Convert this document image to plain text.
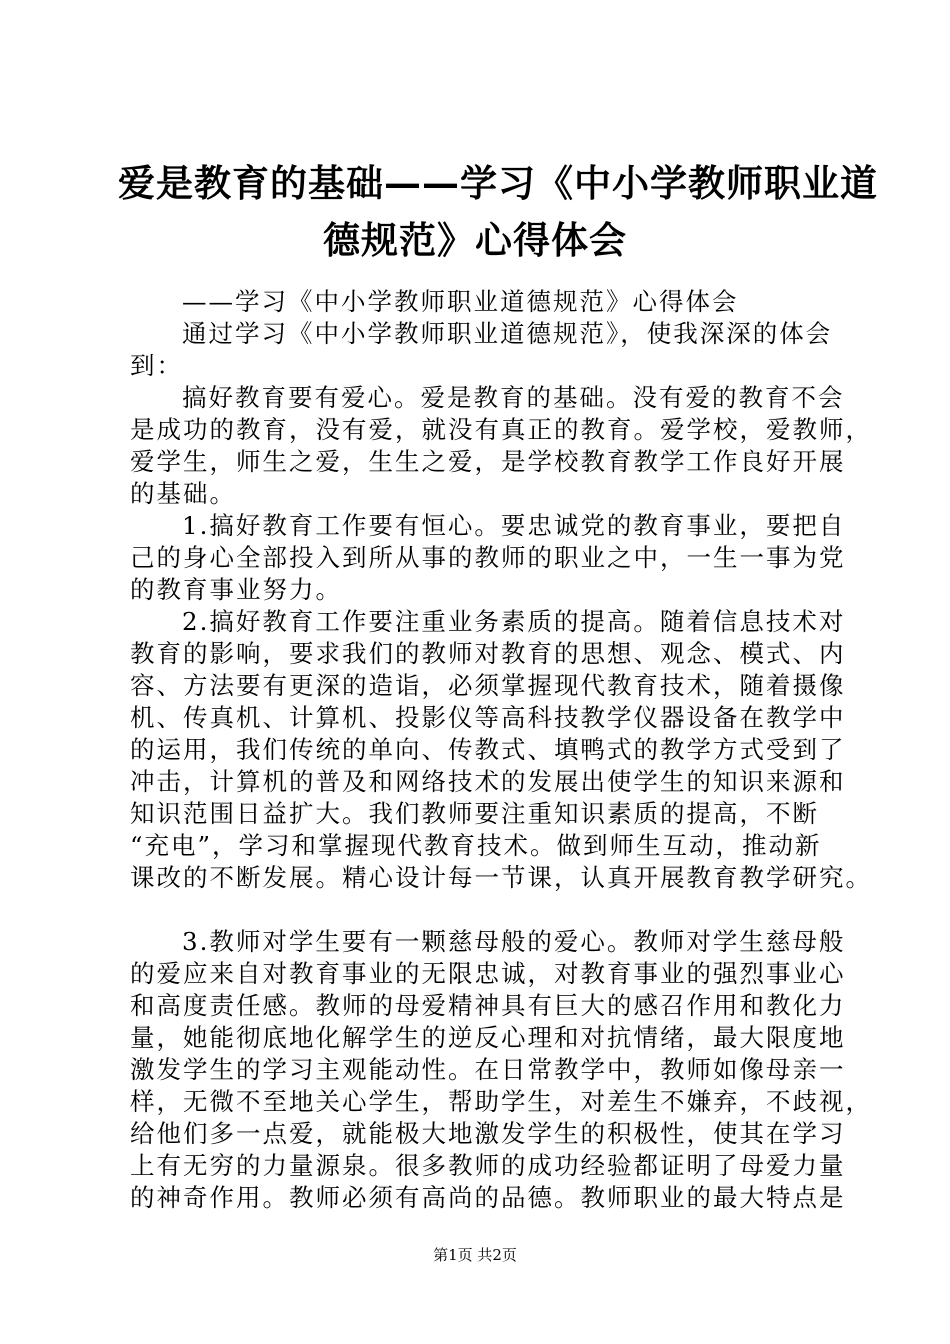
爱是教育的基础——学习《中小学教师职业道
德规范》心得体会
——学习《中小学教师职业道德规范》心得体会
通过学习《中小学教师职业道德规范》，使我深深的体会
到：
搞好教育要有爱心。爱是教育的基础。没有爱的教育不会
是成功的教育，没有爱，就没有真正的教育。爱学校，爱教师，
爱学生，师生之爱，生生之爱，是学校教育教学工作良好开展
的基础。
1.搞好教育工作要有恒心。要忠诚党的教育事业，要把自
己的身心全部投入到所从事的教师的职业之中，一生一事为党
的教育事业努力。
2.搞好教育工作要注重业务素质的提高。随着信息技术对
教育的影响，要求我们的教师对教育的思想、观念、模式、内
容、方法要有更深的造诣，必须掌握现代教育技术，随着摄像
机、传真机、计算机、投影仪等高科技教学仪器设备在教学中
的运用，我们传统的单向、传教式、填鸭式的教学方式受到了
冲击，计算机的普及和网络技术的发展出使学生的知识来源和
知识范围日益扩大。我们教师要注重知识素质的提高，不断
“充电”，学习和掌握现代教育技术。做到师生互动，推动新
课改的不断发展。精心设计每一节课，认真开展教育教学研究。
3.教师对学生要有一颗慈母般的爱心。教师对学生慈母般
的爱应来自对教育事业的无限忠诚，对教育事业的强烈事业心
和高度责任感。教师的母爱精神具有巨大的感召作用和教化力
量，她能彻底地化解学生的逆反心理和对抗情绪，最大限度地
激发学生的学习主观能动性。在日常教学中，教师如像母亲一
样，无微不至地关心学生，帮助学生，对差生不嫌弃，不歧视，
给他们多一点爱，就能极大地激发学生的积极性，使其在学习
上有无穷的力量源泉。很多教师的成功经验都证明了母爱力量
的神奇作用。教师必须有高尚的品德。教师职业的最大特点是
第1页 共2页
